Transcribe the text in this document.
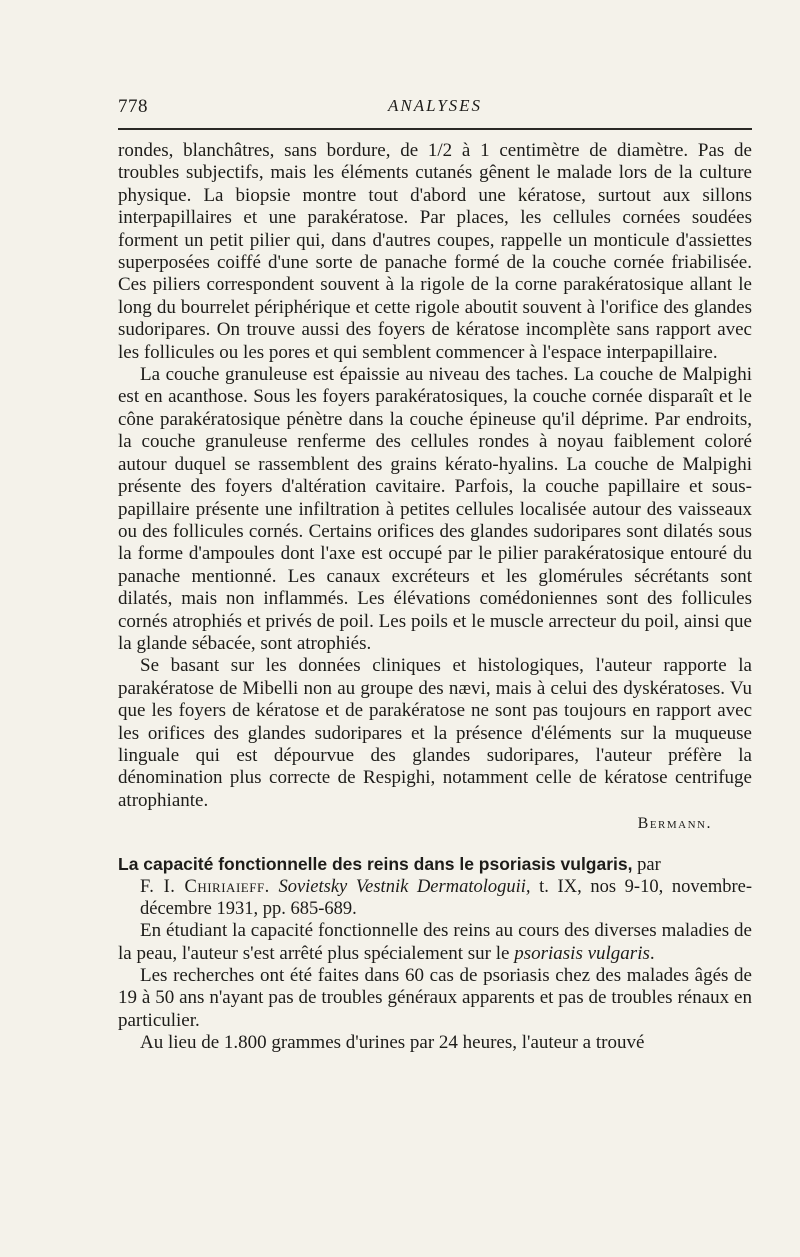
778	ANALYSES

rondes, blanchâtres, sans bordure, de 1/2 à 1 centimètre de diamètre. Pas de troubles subjectifs, mais les éléments cutanés gênent le malade lors de la culture physique. La biopsie montre tout d'abord une kératose, surtout aux sillons interpapillaires et une parakératose. Par places, les cellules cornées soudées forment un petit pilier qui, dans d'autres coupes, rappelle un monticule d'assiettes superposées coiffé d'une sorte de panache formé de la couche cornée friabilisée. Ces piliers correspondent souvent à la rigole de la corne parakératosique allant le long du bourrelet périphérique et cette rigole aboutit souvent à l'orifice des glandes sudoripares. On trouve aussi des foyers de kératose incomplète sans rapport avec les follicules ou les pores et qui semblent commencer à l'espace interpapillaire.

La couche granuleuse est épaissie au niveau des taches. La couche de Malpighi est en acanthose. Sous les foyers parakératosiques, la couche cornée disparaît et le cône parakératosique pénètre dans la couche épineuse qu'il déprime. Par endroits, la couche granuleuse renferme des cellules rondes à noyau faiblement coloré autour duquel se rassemblent des grains kérato-hyalins. La couche de Malpighi présente des foyers d'altération cavitaire. Parfois, la couche papillaire et sous-papillaire présente une infiltration à petites cellules localisée autour des vaisseaux ou des follicules cornés. Certains orifices des glandes sudoripares sont dilatés sous la forme d'ampoules dont l'axe est occupé par le pilier parakératosique entouré du panache mentionné. Les canaux excréteurs et les glomérules sécrétants sont dilatés, mais non inflammés. Les élévations comédoniennes sont des follicules cornés atrophiés et privés de poil. Les poils et le muscle arrecteur du poil, ainsi que la glande sébacée, sont atrophiés.

Se basant sur les données cliniques et histologiques, l'auteur rapporte la parakératose de Mibelli non au groupe des nævi, mais à celui des dyskératoses. Vu que les foyers de kératose et de parakératose ne sont pas toujours en rapport avec les orifices des glandes sudoripares et la présence d'éléments sur la muqueuse linguale qui est dépourvue des glandes sudoripares, l'auteur préfère la dénomination plus correcte de Respighi, notamment celle de kératose centrifuge atrophiante.

Bermann.

La capacité fonctionnelle des reins dans le psoriasis vulgaris, par
F. I. Chiriaieff. Sovietsky Vestnik Dermatologuii, t. IX, nos 9-10, novembre-décembre 1931, pp. 685-689.

En étudiant la capacité fonctionnelle des reins au cours des diverses maladies de la peau, l'auteur s'est arrêté plus spécialement sur le psoriasis vulgaris.

Les recherches ont été faites dans 60 cas de psoriasis chez des malades âgés de 19 à 50 ans n'ayant pas de troubles généraux apparents et pas de troubles rénaux en particulier.

Au lieu de 1.800 grammes d'urines par 24 heures, l'auteur a trouvé
